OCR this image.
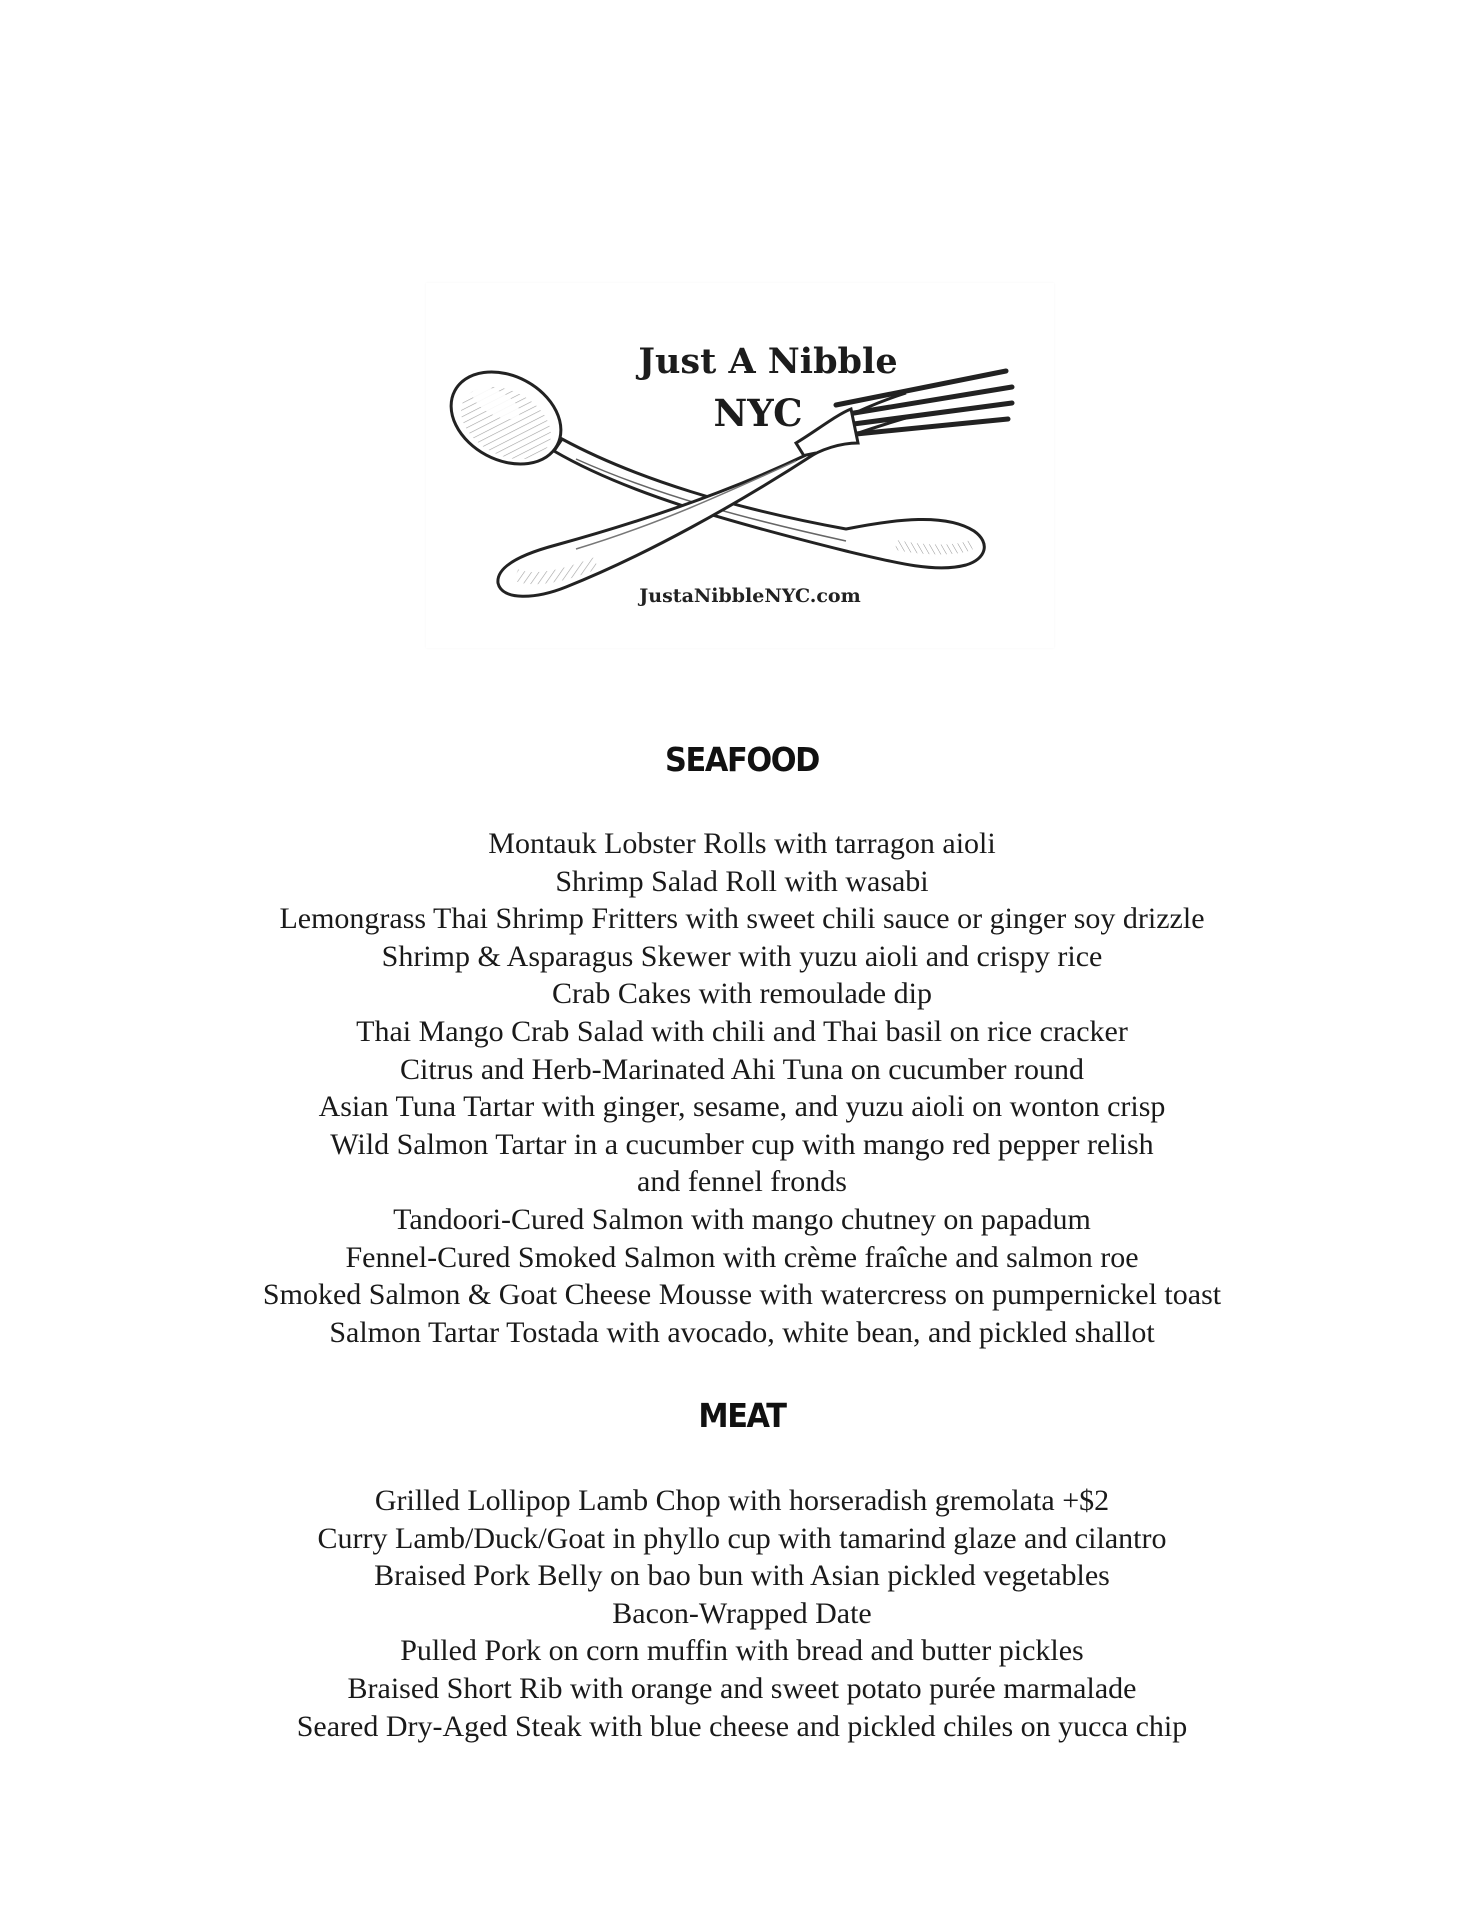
Just A Nibble
NYC
JustaNibbleNYC.com
SEAFOOD
Montauk Lobster Rolls with tarragon aioli
Shrimp Salad Roll with wasabi
Lemongrass Thai Shrimp Fritters with sweet chili sauce or ginger soy drizzle
Shrimp & Asparagus Skewer with yuzu aioli and crispy rice
Crab Cakes with remoulade dip
Thai Mango Crab Salad with chili and Thai basil on rice cracker
Citrus and Herb-Marinated Ahi Tuna on cucumber round
Asian Tuna Tartar with ginger, sesame, and yuzu aioli on wonton crisp
Wild Salmon Tartar in a cucumber cup with mango red pepper relish
and fennel fronds
Tandoori-Cured Salmon with mango chutney on papadum
Fennel-Cured Smoked Salmon with crème fraîche and salmon roe
Smoked Salmon & Goat Cheese Mousse with watercress on pumpernickel toast
Salmon Tartar Tostada with avocado, white bean, and pickled shallot
MEAT
Grilled Lollipop Lamb Chop with horseradish gremolata +$2
Curry Lamb/Duck/Goat in phyllo cup with tamarind glaze and cilantro
Braised Pork Belly on bao bun with Asian pickled vegetables
Bacon-Wrapped Date
Pulled Pork on corn muffin with bread and butter pickles
Braised Short Rib with orange and sweet potato purée marmalade
Seared Dry-Aged Steak with blue cheese and pickled chiles on yucca chip
